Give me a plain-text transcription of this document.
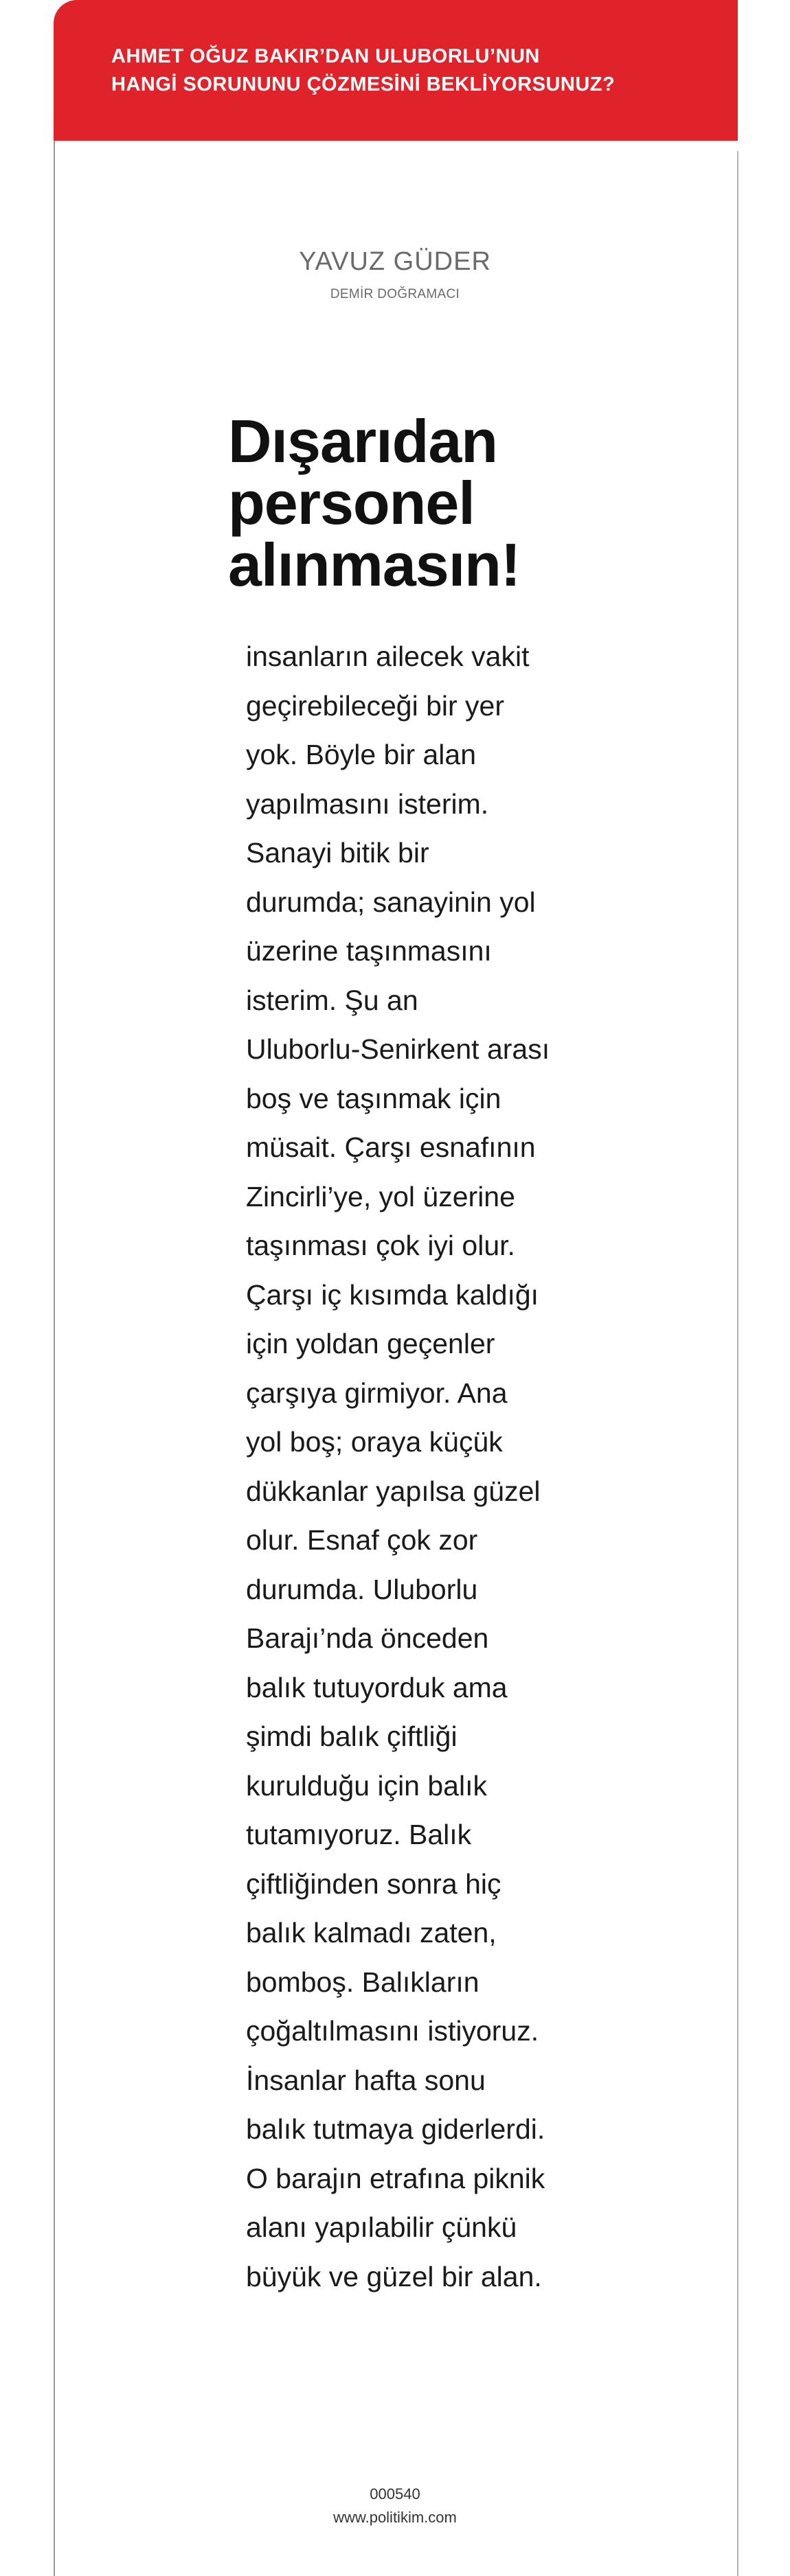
AHMET OĞUZ BAKIR’DAN ULUBORLU’NUN
HANGİ SORUNUNU ÇÖZMESİNİ BEKLİYORSUNUZ?
YAVUZ GÜDER
DEMİR DOĞRAMACI
Dışarıdan
personel
alınmasın!
insanların ailecek vakit
geçirebileceği bir yer
yok. Böyle bir alan
yapılmasını isterim.
Sanayi bitik bir
durumda; sanayinin yol
üzerine taşınmasını
isterim. Şu an
Uluborlu-Senirkent arası
boş ve taşınmak için
müsait. Çarşı esnafının
Zincirli’ye, yol üzerine
taşınması çok iyi olur.
Çarşı iç kısımda kaldığı
için yoldan geçenler
çarşıya girmiyor. Ana
yol boş; oraya küçük
dükkanlar yapılsa güzel
olur. Esnaf çok zor
durumda. Uluborlu
Barajı’nda önceden
balık tutuyorduk ama
şimdi balık çiftliği
kurulduğu için balık
tutamıyoruz. Balık
çiftliğinden sonra hiç
balık kalmadı zaten,
bomboş. Balıkların
çoğaltılmasını istiyoruz.
İnsanlar hafta sonu
balık tutmaya giderlerdi.
O barajın etrafına piknik
alanı yapılabilir çünkü
büyük ve güzel bir alan.
000540
www.politikim.com
